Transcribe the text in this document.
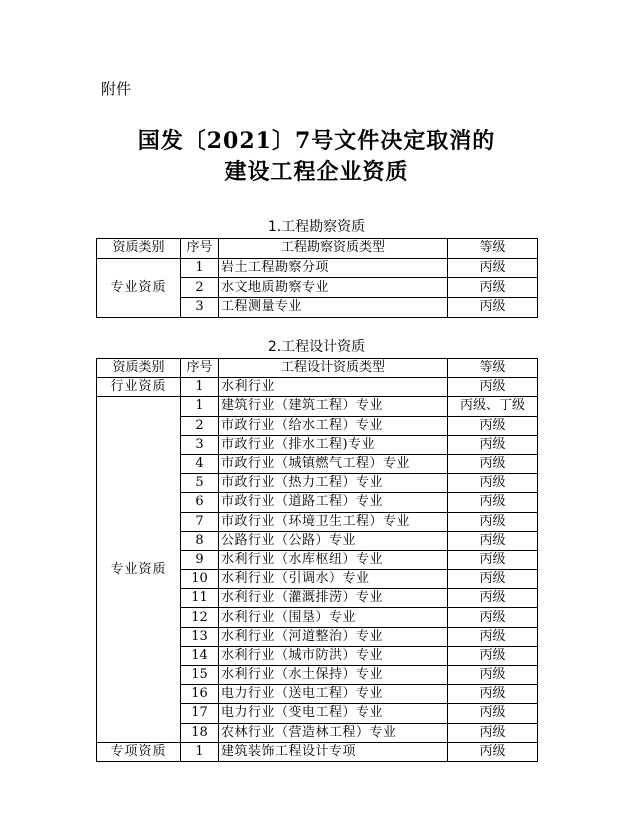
附件
国发〔2021〕7号文件决定取消的
建设工程企业资质
1.工程勘察资质
资质类别	序号	工程勘察资质类型	等级
专业资质	1	岩土工程勘察分项	丙级
	2	水文地质勘察专业	丙级
	3	工程测量专业	丙级
2.工程设计资质
资质类别	序号	工程设计资质类型	等级
行业资质	1	水利行业	丙级
专业资质	1	建筑行业（建筑工程）专业	丙级、丁级
	2	市政行业（给水工程）专业	丙级
	3	市政行业（排水工程)专业	丙级
	4	市政行业（城镇燃气工程）专业	丙级
	5	市政行业（热力工程）专业	丙级
	6	市政行业（道路工程）专业	丙级
	7	市政行业（环境卫生工程）专业	丙级
	8	公路行业（公路）专业	丙级
	9	水利行业（水库枢纽）专业	丙级
	10	水利行业（引调水）专业	丙级
	11	水利行业（灌溉排涝）专业	丙级
	12	水利行业（围垦）专业	丙级
	13	水利行业（河道整治）专业	丙级
	14	水利行业（城市防洪）专业	丙级
	15	水利行业（水土保持）专业	丙级
	16	电力行业（送电工程）专业	丙级
	17	电力行业（变电工程）专业	丙级
	18	农林行业（营造林工程）专业	丙级
专项资质	1	建筑装饰工程设计专项	丙级
